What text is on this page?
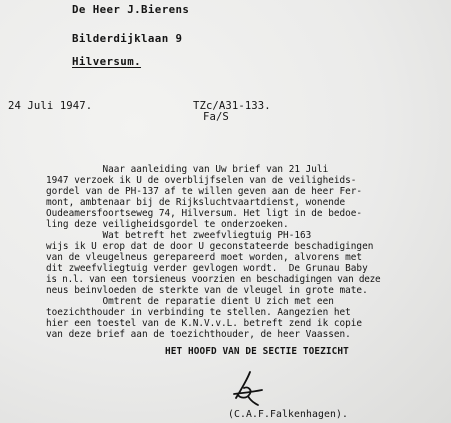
De Heer J.Bierens

Bilderdijklaan 9

Hilversum.

24 Juli 1947.	TZc/A31-133.

Fa/S

Naar aanleiding van Uw brief van 21 Juli

1947 verzoek ik U de overblijfselen van de veiligheids-

gordel van de PH-137 af te willen geven aan de heer Fer-

mont, ambtenaar bij de Rijksluchtvaartdienst, wonende

Oudeamersfoortseweg 74, Hilversum. Het ligt in de bedoe-

ling deze veiligheidsgordel te onderzoeken.

Wat betreft het zweefvliegtuig PH-163

wijs ik U erop dat de door U geconstateerde beschadigingen

van de vleugelneus gerepareerd moet worden, alvorens met

dit zweefvliegtuig verder gevlogen wordt.  De Grunau Baby

is n.l. van een torsieneus voorzien en beschadigingen van deze

neus beinvloeden de sterkte van de vleugel in grote mate.

Omtrent de reparatie dient U zich met een

toezichthouder in verbinding te stellen. Aangezien het

hier een toestel van de K.N.V.v.L. betreft zend ik copie

van deze brief aan de toezichthouder, de heer Vaassen.

HET HOOFD VAN DE SECTIE TOEZICHT

(C.A.F.Falkenhagen).
